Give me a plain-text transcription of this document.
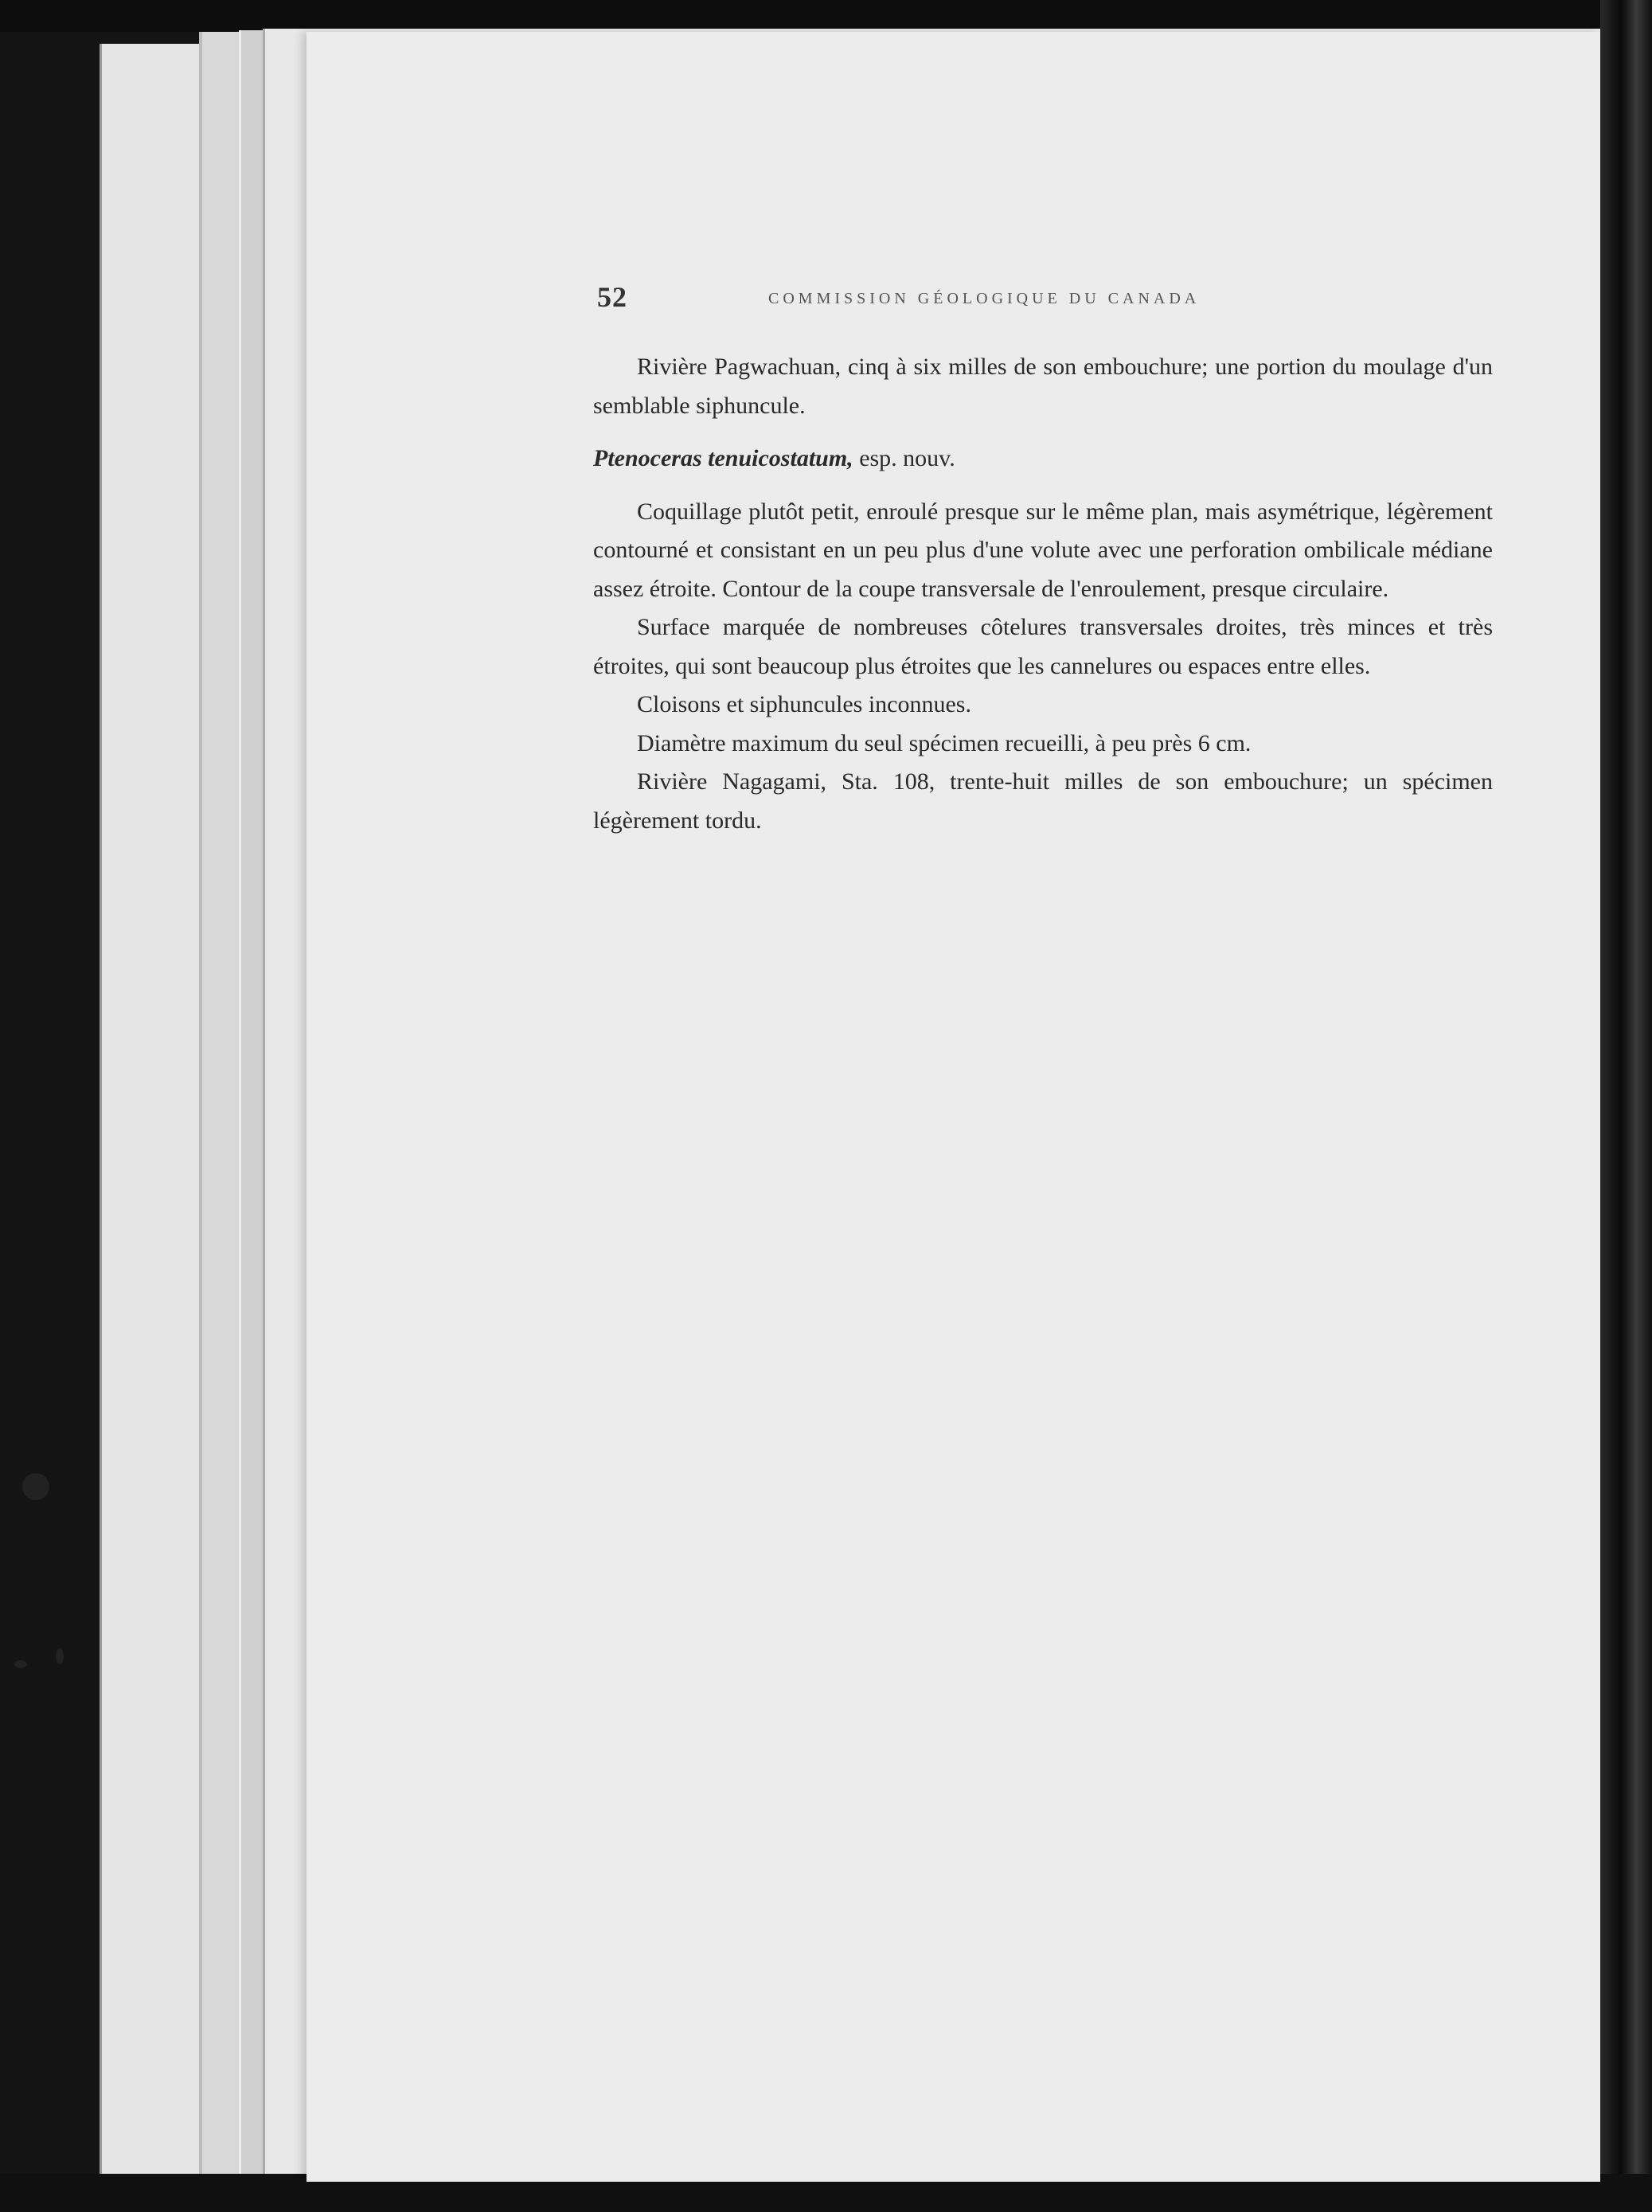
52	COMMISSION GÉOLOGIQUE DU CANADA

Rivière Pagwachuan, cinq à six milles de son embouchure; une portion du moulage d'un semblable siphuncule.

Ptenoceras tenuicostatum, esp. nouv.

Coquillage plutôt petit, enroulé presque sur le même plan, mais asymétrique, légèrement contourné et consistant en un peu plus d'une volute avec une perforation ombilicale médiane assez étroite. Contour de la coupe transversale de l'enroulement, presque circulaire.

Surface marquée de nombreuses côtelures transversales droites, très minces et très étroites, qui sont beaucoup plus étroites que les cannelures ou espaces entre elles.

Cloisons et siphuncules inconnues.

Diamètre maximum du seul spécimen recueilli, à peu près 6 cm.

Rivière Nagagami, Sta. 108, trente-huit milles de son embouchure; un spécimen légèrement tordu.
